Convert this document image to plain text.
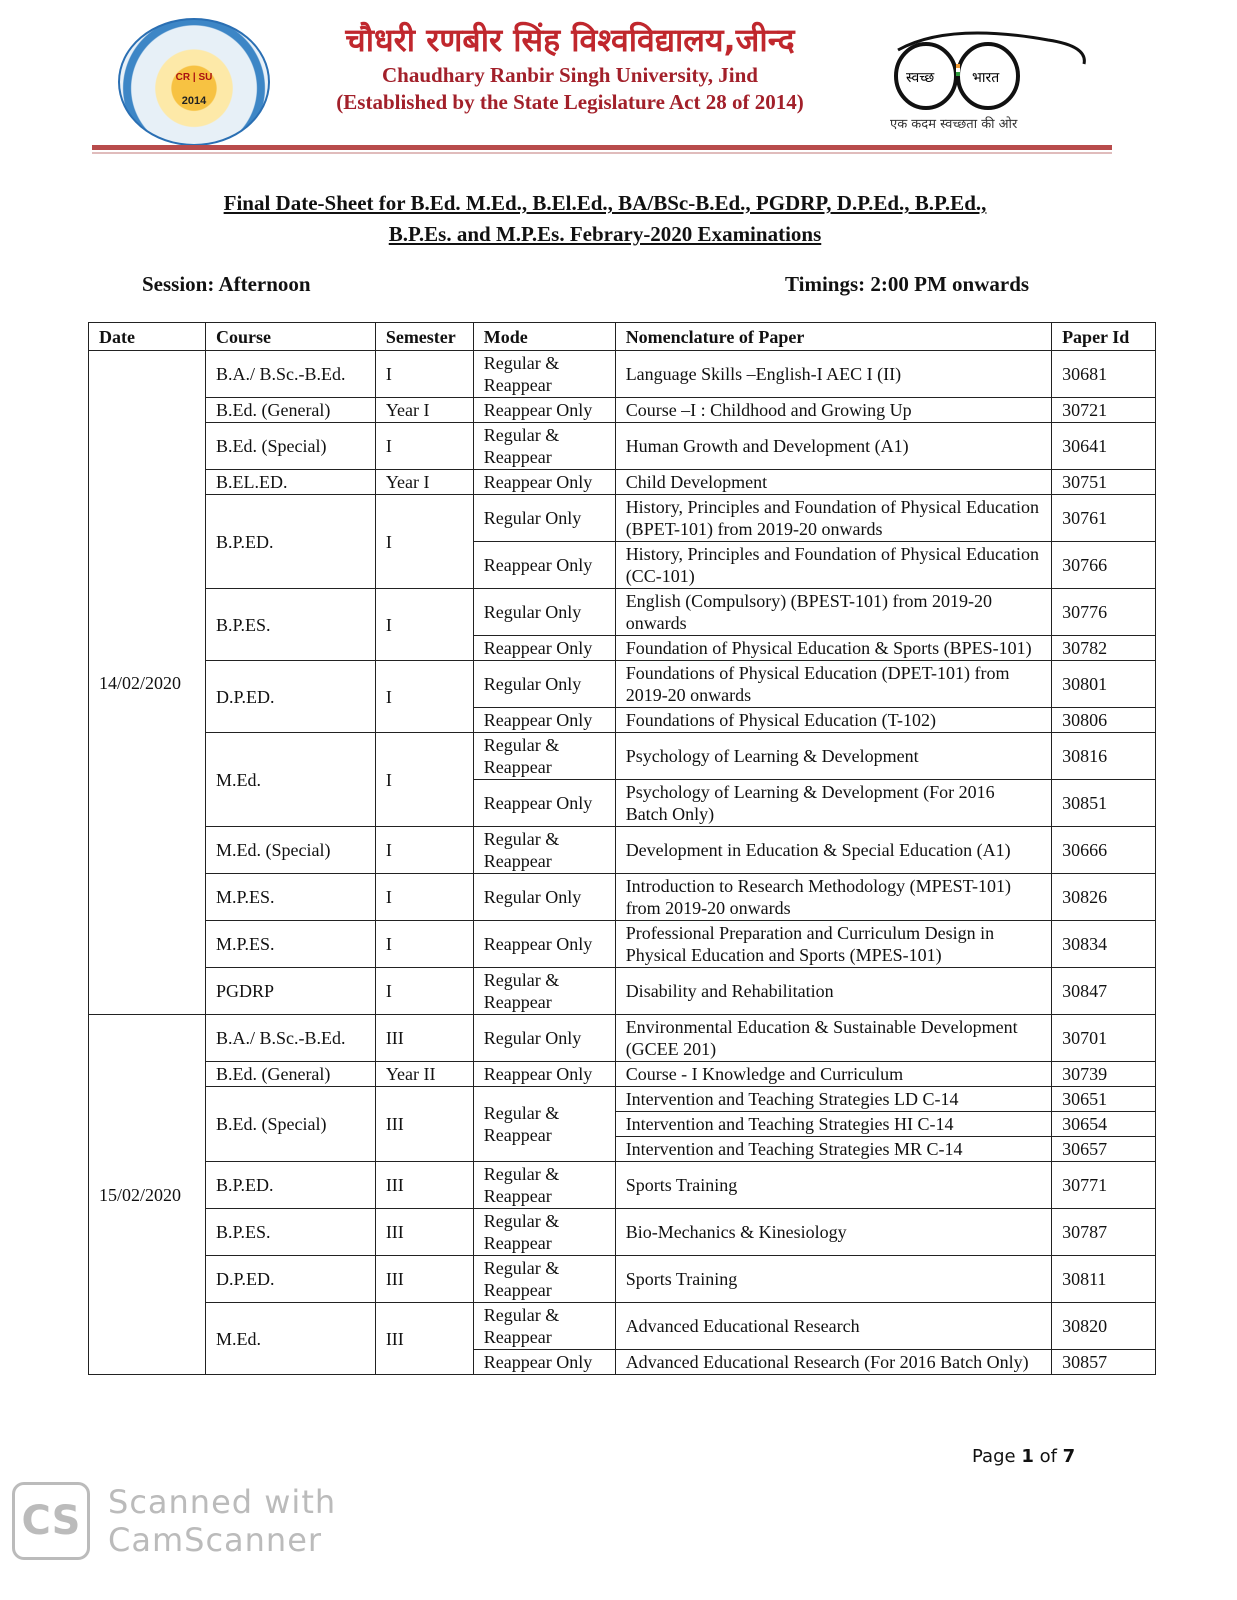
CR | SU
2014
चौधरी रणबीर सिंह विश्वविद्यालय,जीन्द
Chaudhary Ranbir Singh University, Jind
(Established by the State Legislature Act 28 of 2014)
स्वच्छ	भारत
एक कदम स्वच्छता की ओर
Final Date-Sheet for B.Ed. M.Ed., B.El.Ed., BA/BSc-B.Ed., PGDRP, D.P.Ed., B.P.Ed.,
B.P.Es. and M.P.Es. Febrary-2020 Examinations
Session: Afternoon	Timings: 2:00 PM onwards
Date	Course	Semester	Mode	Nomenclature of Paper	Paper Id
14/02/2020	B.A./ B.Sc.-B.Ed.	I	Regular & Reappear	Language Skills –English-I AEC I (II)	30681
	B.Ed. (General)	Year I	Reappear Only	Course –I : Childhood and Growing Up	30721
	B.Ed. (Special)	I	Regular & Reappear	Human Growth and Development (A1)	30641
	B.EL.ED.	Year I	Reappear Only	Child Development	30751
	B.P.ED.	I	Regular Only	History, Principles and Foundation of Physical Education (BPET-101) from 2019-20 onwards	30761
			Reappear Only	History, Principles and Foundation of Physical Education (CC-101)	30766
	B.P.ES.	I	Regular Only	English (Compulsory) (BPEST-101) from 2019-20 onwards	30776
			Reappear Only	Foundation of Physical Education & Sports (BPES-101)	30782
	D.P.ED.	I	Regular Only	Foundations of Physical Education (DPET-101) from 2019-20 onwards	30801
			Reappear Only	Foundations of Physical Education (T-102)	30806
	M.Ed.	I	Regular & Reappear	Psychology of Learning & Development	30816
			Reappear Only	Psychology of Learning & Development (For 2016 Batch Only)	30851
	M.Ed. (Special)	I	Regular & Reappear	Development in Education & Special Education (A1)	30666
	M.P.ES.	I	Regular Only	Introduction to Research Methodology (MPEST-101) from 2019-20 onwards	30826
	M.P.ES.	I	Reappear Only	Professional Preparation and Curriculum Design in Physical Education and Sports (MPES-101)	30834
	PGDRP	I	Regular & Reappear	Disability and Rehabilitation	30847
15/02/2020	B.A./ B.Sc.-B.Ed.	III	Regular Only	Environmental Education & Sustainable Development (GCEE 201)	30701
	B.Ed. (General)	Year II	Reappear Only	Course - I Knowledge and Curriculum	30739
	B.Ed. (Special)	III	Regular & Reappear	Intervention and Teaching Strategies LD C-14	30651
				Intervention and Teaching Strategies HI C-14	30654
				Intervention and Teaching Strategies MR C-14	30657
	B.P.ED.	III	Regular & Reappear	Sports Training	30771
	B.P.ES.	III	Regular & Reappear	Bio-Mechanics & Kinesiology	30787
	D.P.ED.	III	Regular & Reappear	Sports Training	30811
	M.Ed.	III	Regular & Reappear	Advanced Educational Research	30820
			Reappear Only	Advanced Educational Research (For 2016 Batch Only)	30857
Page 1 of 7
CS Scanned with
CamScanner
